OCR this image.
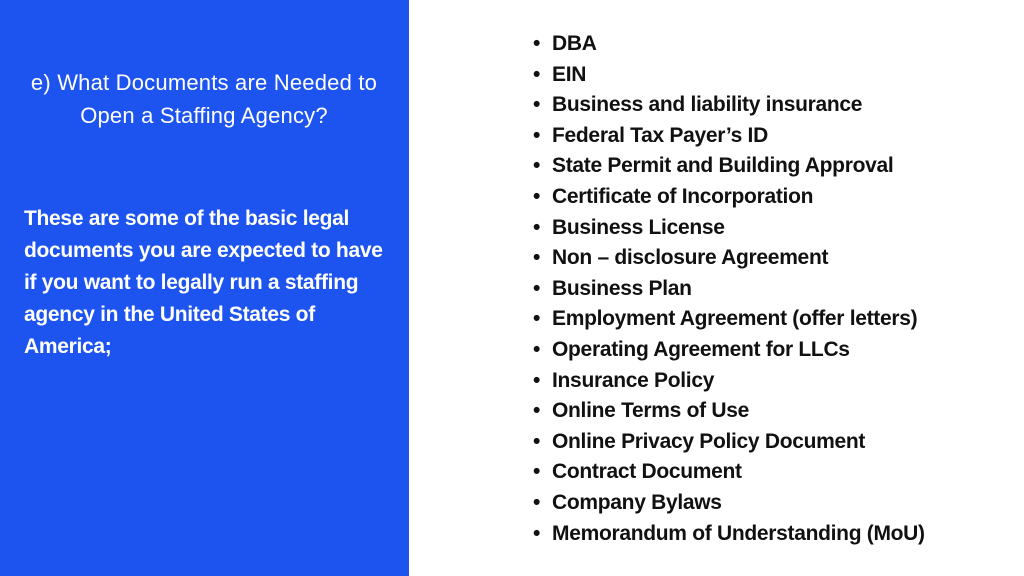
e) What Documents are Needed to Open a Staffing Agency?
These are some of the basic legal documents you are expected to have if you want to legally run a staffing agency in the United States of America;
• DBA
• EIN
• Business and liability insurance
• Federal Tax Payer’s ID
• State Permit and Building Approval
• Certificate of Incorporation
• Business License
• Non – disclosure Agreement
• Business Plan
• Employment Agreement (offer letters)
• Operating Agreement for LLCs
• Insurance Policy
• Online Terms of Use
• Online Privacy Policy Document
• Contract Document
• Company Bylaws
• Memorandum of Understanding (MoU)
